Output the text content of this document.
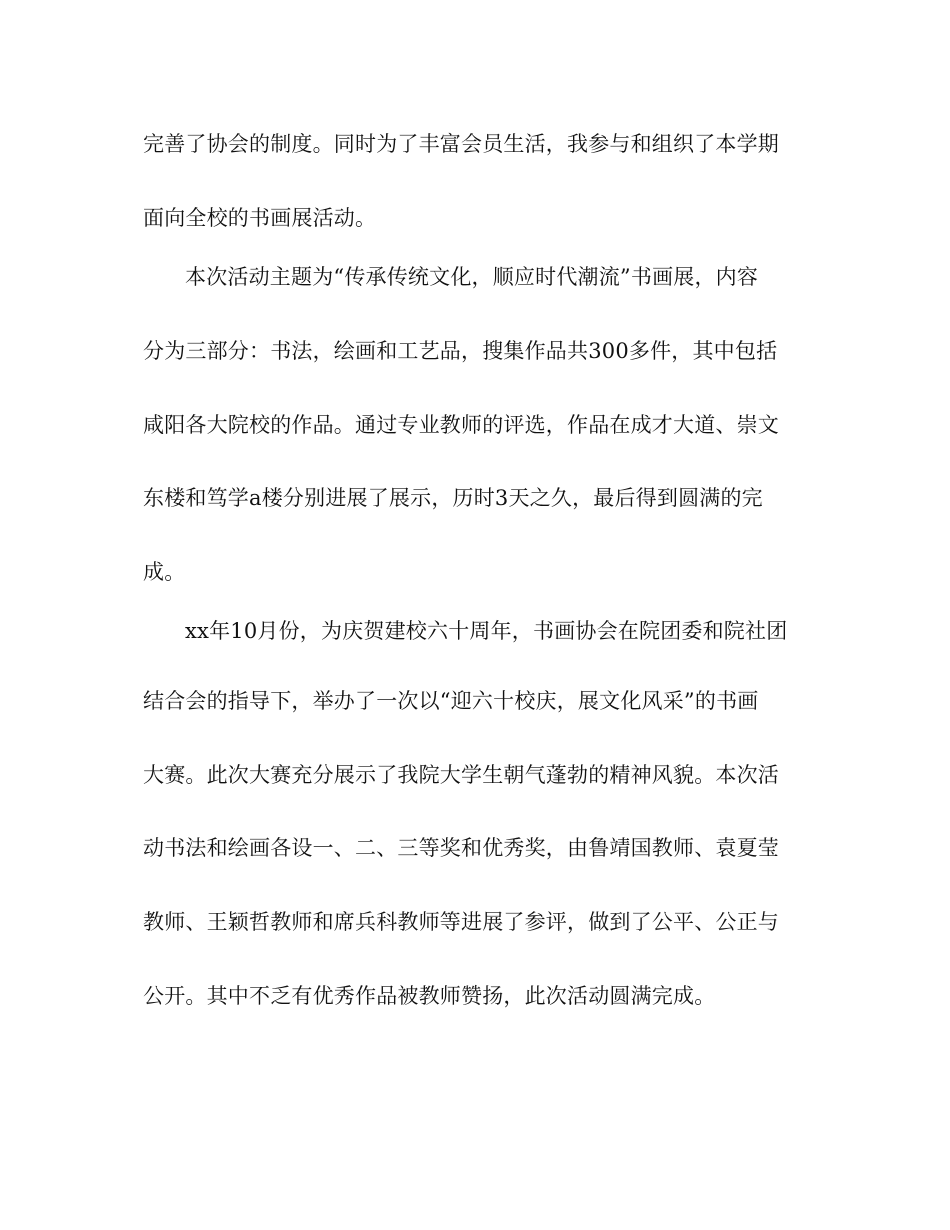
完善了协会的制度。同时为了丰富会员生活，我参与和组织了本学期
面向全校的书画展活动。
本次活动主题为“传承传统文化，顺应时代潮流”书画展，内容
分为三部分：书法，绘画和工艺品，搜集作品共300多件，其中包括
咸阳各大院校的作品。通过专业教师的评选，作品在成才大道、崇文
东楼和笃学a楼分别进展了展示，历时3天之久，最后得到圆满的完
成。
xx年10月份，为庆贺建校六十周年，书画协会在院团委和院社团
结合会的指导下，举办了一次以“迎六十校庆，展文化风采”的书画
大赛。此次大赛充分展示了我院大学生朝气蓬勃的精神风貌。本次活
动书法和绘画各设一、二、三等奖和优秀奖，由鲁靖国教师、袁夏莹
教师、王颖哲教师和席兵科教师等进展了参评，做到了公平、公正与
公开。其中不乏有优秀作品被教师赞扬，此次活动圆满完成。
